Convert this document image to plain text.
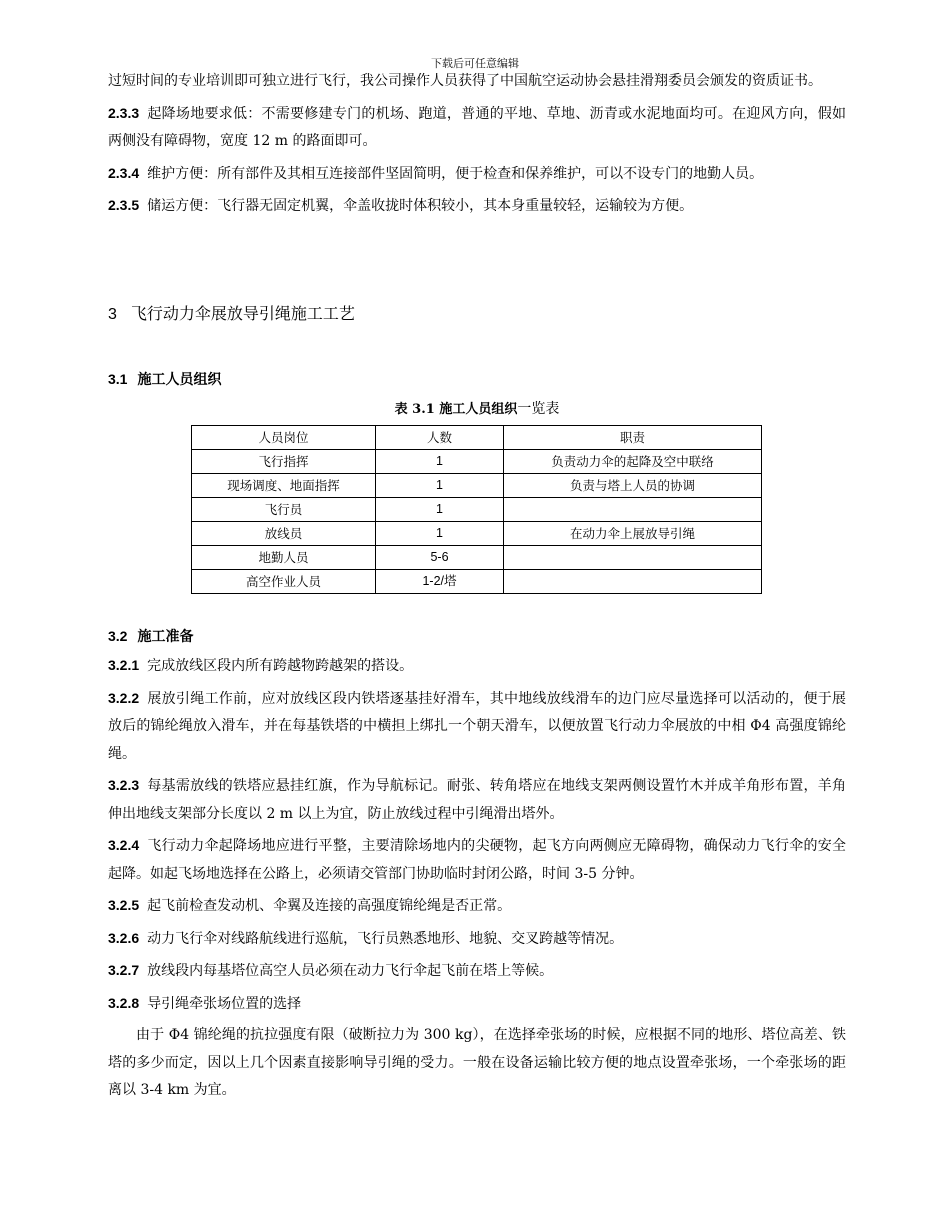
下载后可任意编辑

过短时间的专业培训即可独立进行飞行，我公司操作人员获得了中国航空运动协会悬挂滑翔委员会颁发的资质证书。

2.3.3 起降场地要求低：不需要修建专门的机场、跑道，普通的平地、草地、沥青或水泥地面均可。在迎风方向，假如两侧没有障碍物，宽度 12 m 的路面即可。

2.3.4 维护方便：所有部件及其相互连接部件坚固简明，便于检查和保养维护，可以不设专门的地勤人员。

2.3.5 储运方便：飞行器无固定机翼，伞盖收拢时体积较小，其本身重量较轻，运输较为方便。

3 飞行动力伞展放导引绳施工工艺

3.1 施工人员组织

表 3.1 施工人员组织一览表
人员岗位	人数	职责
飞行指挥	1	负责动力伞的起降及空中联络
现场调度、地面指挥	1	负责与塔上人员的协调
飞行员	1	
放线员	1	在动力伞上展放导引绳
地勤人员	5-6	
高空作业人员	1-2/塔	

3.2 施工准备

3.2.1 完成放线区段内所有跨越物跨越架的搭设。

3.2.2 展放引绳工作前，应对放线区段内铁塔逐基挂好滑车，其中地线放线滑车的边门应尽量选择可以活动的，便于展放后的锦纶绳放入滑车，并在每基铁塔的中横担上绑扎一个朝天滑车，以便放置飞行动力伞展放的中相 Φ4 高强度锦纶绳。

3.2.3 每基需放线的铁塔应悬挂红旗，作为导航标记。耐张、转角塔应在地线支架两侧设置竹木并成羊角形布置，羊角伸出地线支架部分长度以 2 m 以上为宜，防止放线过程中引绳滑出塔外。

3.2.4 飞行动力伞起降场地应进行平整，主要清除场地内的尖硬物，起飞方向两侧应无障碍物，确保动力飞行伞的安全起降。如起飞场地选择在公路上，必须请交管部门协助临时封闭公路，时间 3-5 分钟。

3.2.5 起飞前检查发动机、伞翼及连接的高强度锦纶绳是否正常。

3.2.6 动力飞行伞对线路航线进行巡航，飞行员熟悉地形、地貌、交叉跨越等情况。

3.2.7 放线段内每基塔位高空人员必须在动力飞行伞起飞前在塔上等候。

3.2.8 导引绳牵张场位置的选择

由于 Φ4 锦纶绳的抗拉强度有限（破断拉力为 300 kg），在选择牵张场的时候，应根据不同的地形、塔位高差、铁塔的多少而定，因以上几个因素直接影响导引绳的受力。一般在设备运输比较方便的地点设置牵张场，一个牵张场的距离以 3-4 km 为宜。
